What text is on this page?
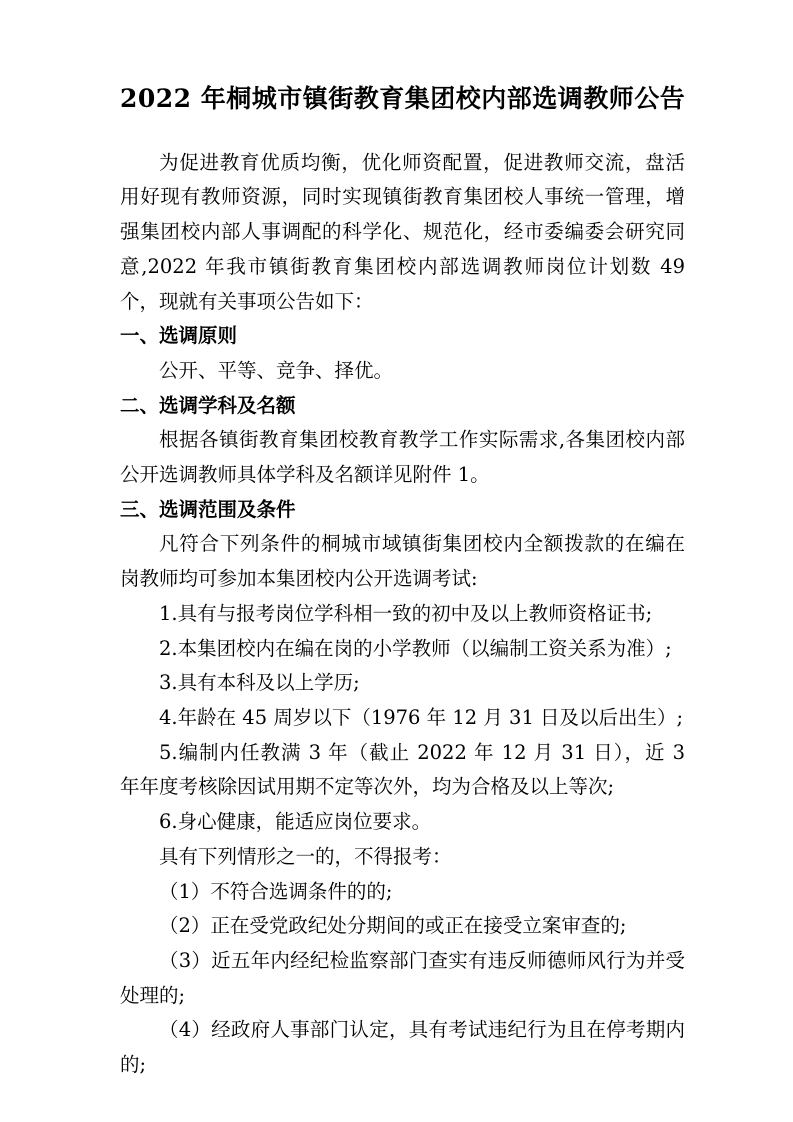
2022 年桐城市镇街教育集团校内部选调教师公告

为促进教育优质均衡，优化师资配置，促进教师交流，盘活用好现有教师资源，同时实现镇街教育集团校人事统一管理，增强集团校内部人事调配的科学化、规范化，经市委编委会研究同意,2022 年我市镇街教育集团校内部选调教师岗位计划数 49 个，现就有关事项公告如下：

一、选调原则

公开、平等、竞争、择优。

二、选调学科及名额

根据各镇街教育集团校教育教学工作实际需求,各集团校内部公开选调教师具体学科及名额详见附件 1。

三、选调范围及条件

凡符合下列条件的桐城市域镇街集团校内全额拨款的在编在岗教师均可参加本集团校内公开选调考试:

1.具有与报考岗位学科相一致的初中及以上教师资格证书;

2.本集团校内在编在岗的小学教师（以编制工资关系为准）;

3.具有本科及以上学历;

4.年龄在 45 周岁以下（1976 年 12 月 31 日及以后出生）;

5.编制内任教满 3 年（截止 2022 年 12 月 31 日），近 3 年年度考核除因试用期不定等次外，均为合格及以上等次;

6.身心健康，能适应岗位要求。

具有下列情形之一的，不得报考：

（1）不符合选调条件的的;

（2）正在受党政纪处分期间的或正在接受立案审查的;

（3）近五年内经纪检监察部门查实有违反师德师风行为并受处理的;

（4）经政府人事部门认定，具有考试违纪行为且在停考期内的;
